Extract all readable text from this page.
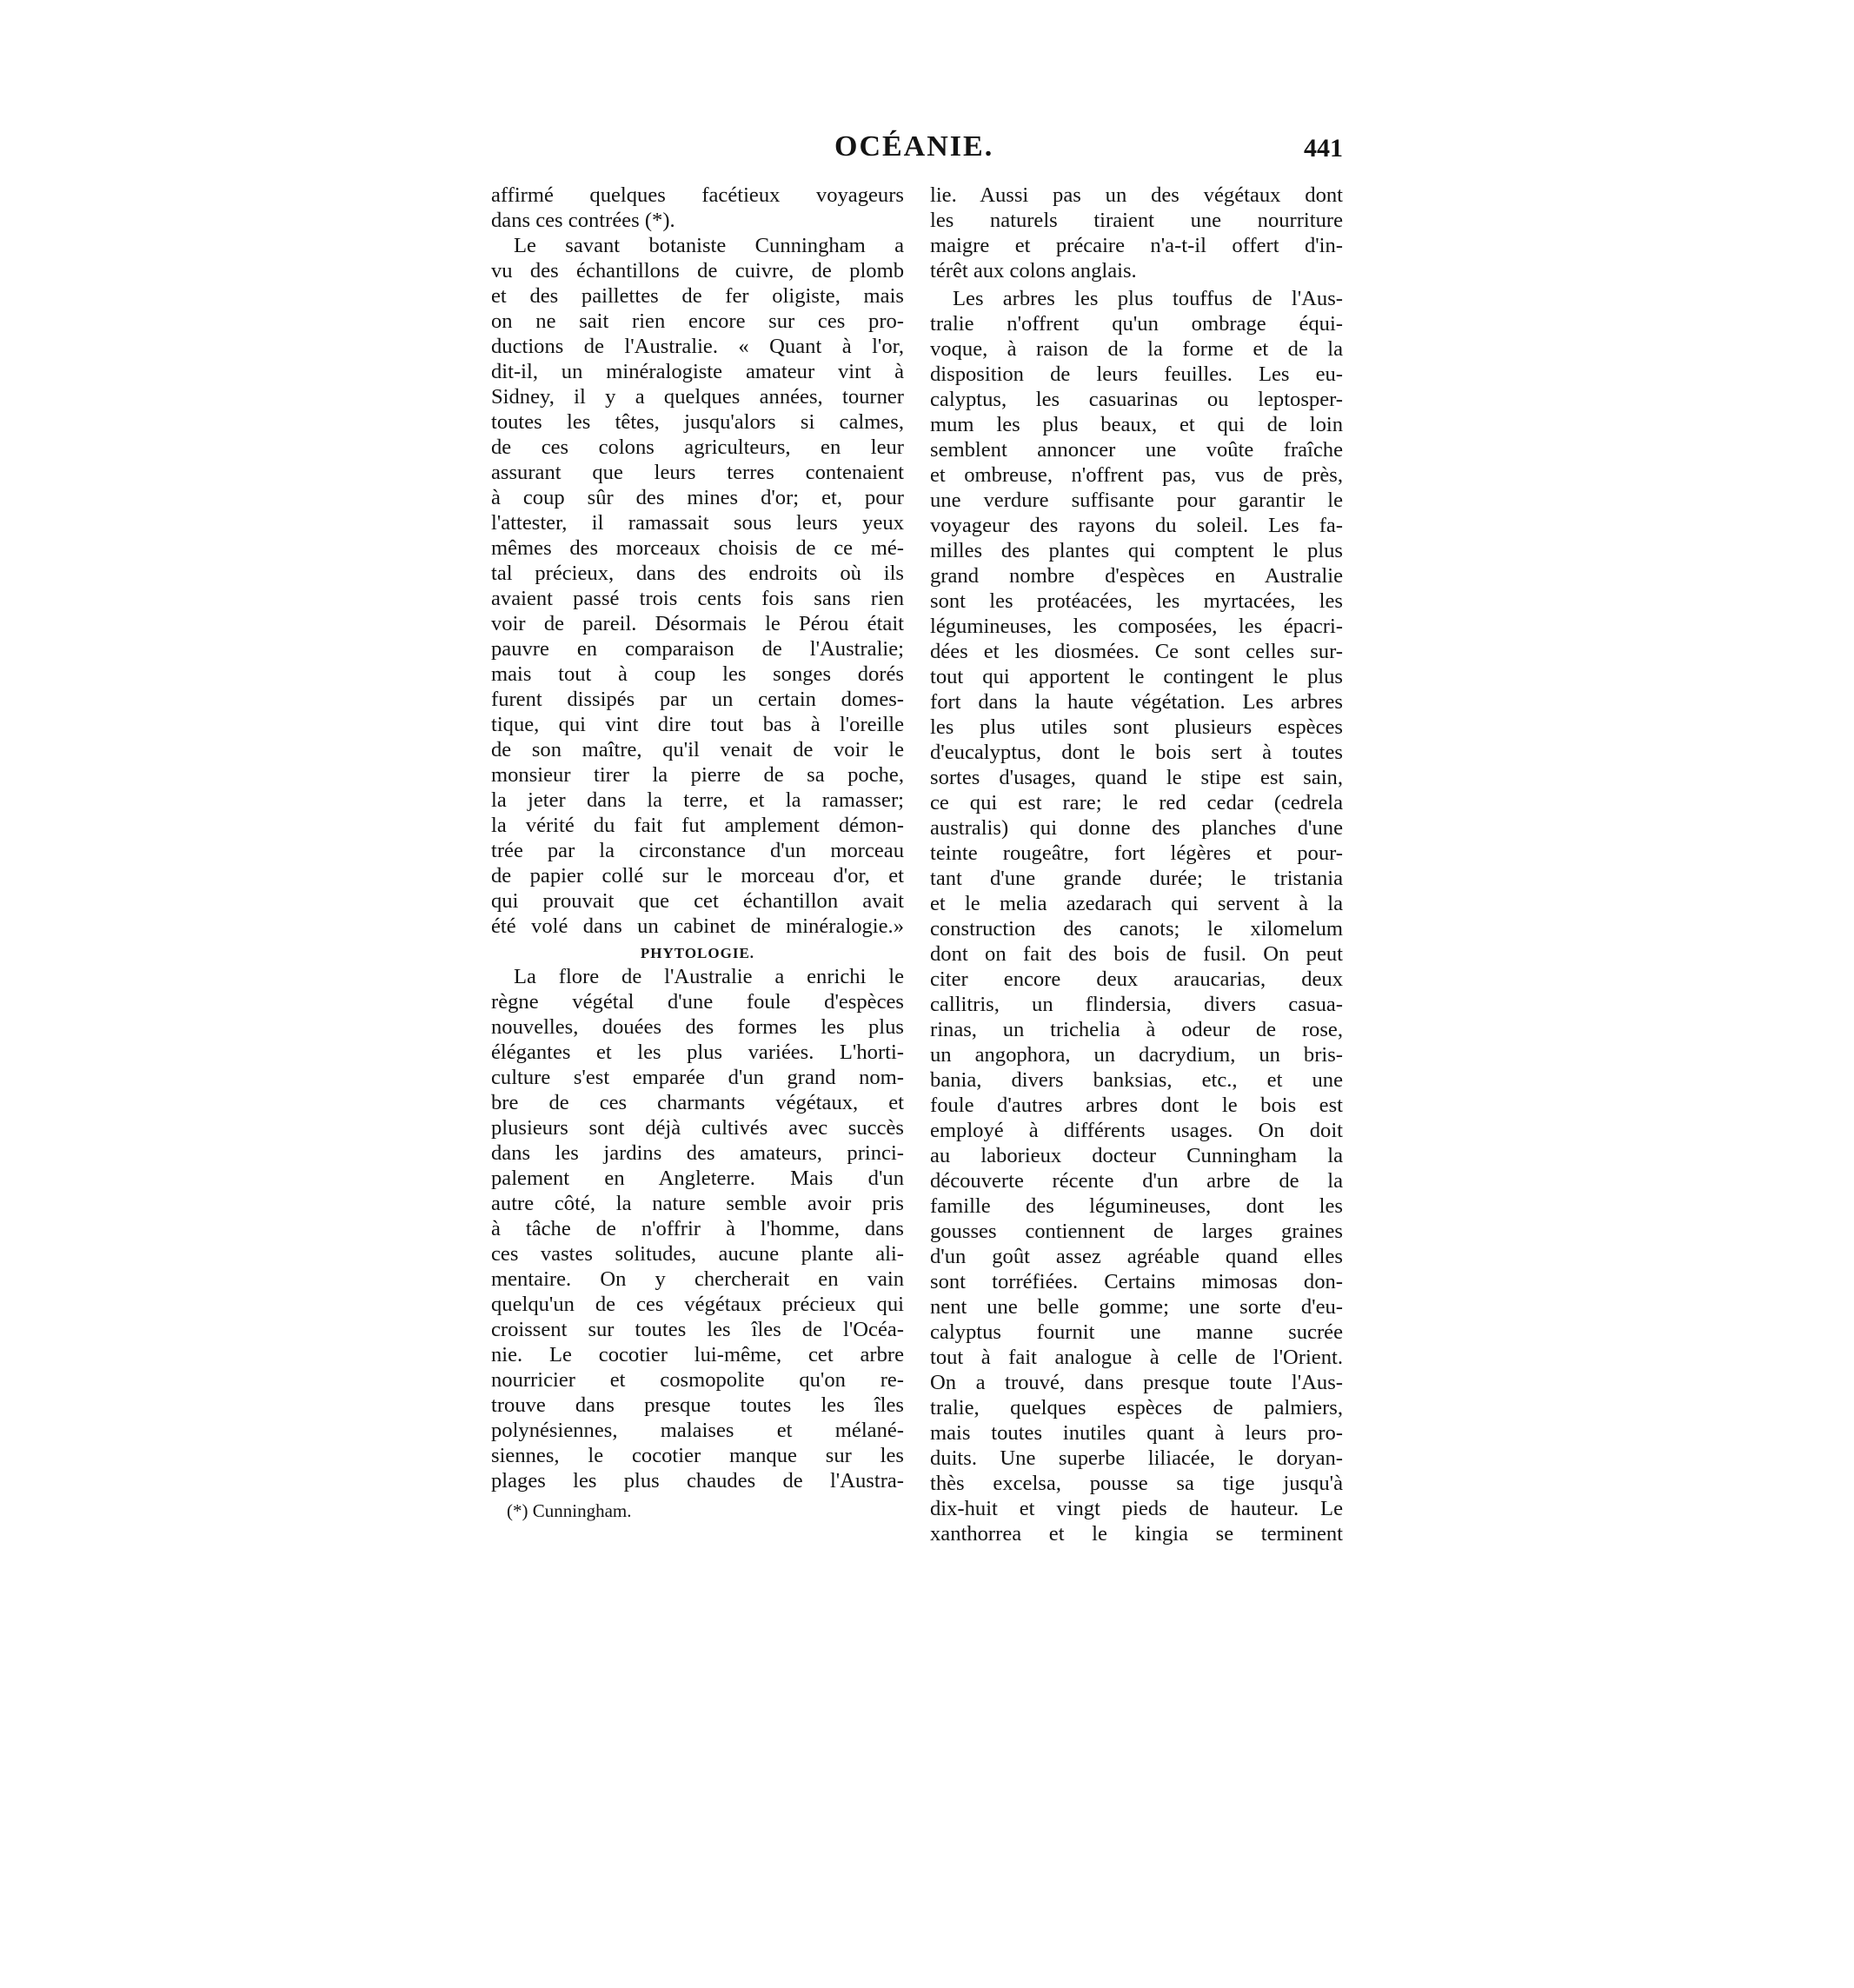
OCÉANIE.	441
affirmé quelques facétieux voyageurs
dans ces contrées (*).
Le savant botaniste Cunningham a
vu des échantillons de cuivre, de plomb
et des paillettes de fer oligiste, mais
on ne sait rien encore sur ces pro-
ductions de l'Australie. « Quant à l'or,
dit-il, un minéralogiste amateur vint à
Sidney, il y a quelques années, tourner
toutes les têtes, jusqu'alors si calmes,
de ces colons agriculteurs, en leur
assurant que leurs terres contenaient
à coup sûr des mines d'or; et, pour
l'attester, il ramassait sous leurs yeux
mêmes des morceaux choisis de ce mé-
tal précieux, dans des endroits où ils
avaient passé trois cents fois sans rien
voir de pareil. Désormais le Pérou était
pauvre en comparaison de l'Australie;
mais tout à coup les songes dorés
furent dissipés par un certain domes-
tique, qui vint dire tout bas à l'oreille
de son maître, qu'il venait de voir le
monsieur tirer la pierre de sa poche,
la jeter dans la terre, et la ramasser;
la vérité du fait fut amplement démon-
trée par la circonstance d'un morceau
de papier collé sur le morceau d'or, et
qui prouvait que cet échantillon avait
été volé dans un cabinet de minéralogie.»
PHYTOLOGIE.
La flore de l'Australie a enrichi le
règne végétal d'une foule d'espèces
nouvelles, douées des formes les plus
élégantes et les plus variées. L'horti-
culture s'est emparée d'un grand nom-
bre de ces charmants végétaux, et
plusieurs sont déjà cultivés avec succès
dans les jardins des amateurs, princi-
palement en Angleterre. Mais d'un
autre côté, la nature semble avoir pris
à tâche de n'offrir à l'homme, dans
ces vastes solitudes, aucune plante ali-
mentaire. On y chercherait en vain
quelqu'un de ces végétaux précieux qui
croissent sur toutes les îles de l'Océa-
nie. Le cocotier lui-même, cet arbre
nourricier et cosmopolite qu'on re-
trouve dans presque toutes les îles
polynésiennes, malaises et mélané-
siennes, le cocotier manque sur les
plages les plus chaudes de l'Austra-
(*) Cunningham.
lie. Aussi pas un des végétaux dont
les naturels tiraient une nourriture
maigre et précaire n'a-t-il offert d'in-
térêt aux colons anglais.
Les arbres les plus touffus de l'Aus-
tralie n'offrent qu'un ombrage équi-
voque, à raison de la forme et de la
disposition de leurs feuilles. Les eu-
calyptus, les casuarinas ou leptosper-
mum les plus beaux, et qui de loin
semblent annoncer une voûte fraîche
et ombreuse, n'offrent pas, vus de près,
une verdure suffisante pour garantir le
voyageur des rayons du soleil. Les fa-
milles des plantes qui comptent le plus
grand nombre d'espèces en Australie
sont les protéacées, les myrtacées, les
légumineuses, les composées, les épacri-
dées et les diosmées. Ce sont celles sur-
tout qui apportent le contingent le plus
fort dans la haute végétation. Les arbres
les plus utiles sont plusieurs espèces
d'eucalyptus, dont le bois sert à toutes
sortes d'usages, quand le stipe est sain,
ce qui est rare; le red cedar (cedrela
australis) qui donne des planches d'une
teinte rougeâtre, fort légères et pour-
tant d'une grande durée; le tristania
et le melia azedarach qui servent à la
construction des canots; le xilomelum
dont on fait des bois de fusil. On peut
citer encore deux araucarias, deux
callitris, un flindersia, divers casua-
rinas, un trichelia à odeur de rose,
un angophora, un dacrydium, un bris-
bania, divers banksias, etc., et une
foule d'autres arbres dont le bois est
employé à différents usages. On doit
au laborieux docteur Cunningham la
découverte récente d'un arbre de la
famille des légumineuses, dont les
gousses contiennent de larges graines
d'un goût assez agréable quand elles
sont torréfiées. Certains mimosas don-
nent une belle gomme; une sorte d'eu-
calyptus fournit une manne sucrée
tout à fait analogue à celle de l'Orient.
On a trouvé, dans presque toute l'Aus-
tralie, quelques espèces de palmiers,
mais toutes inutiles quant à leurs pro-
duits. Une superbe liliacée, le doryan-
thès excelsa, pousse sa tige jusqu'à
dix-huit et vingt pieds de hauteur. Le
xanthorrea et le kingia se terminent
